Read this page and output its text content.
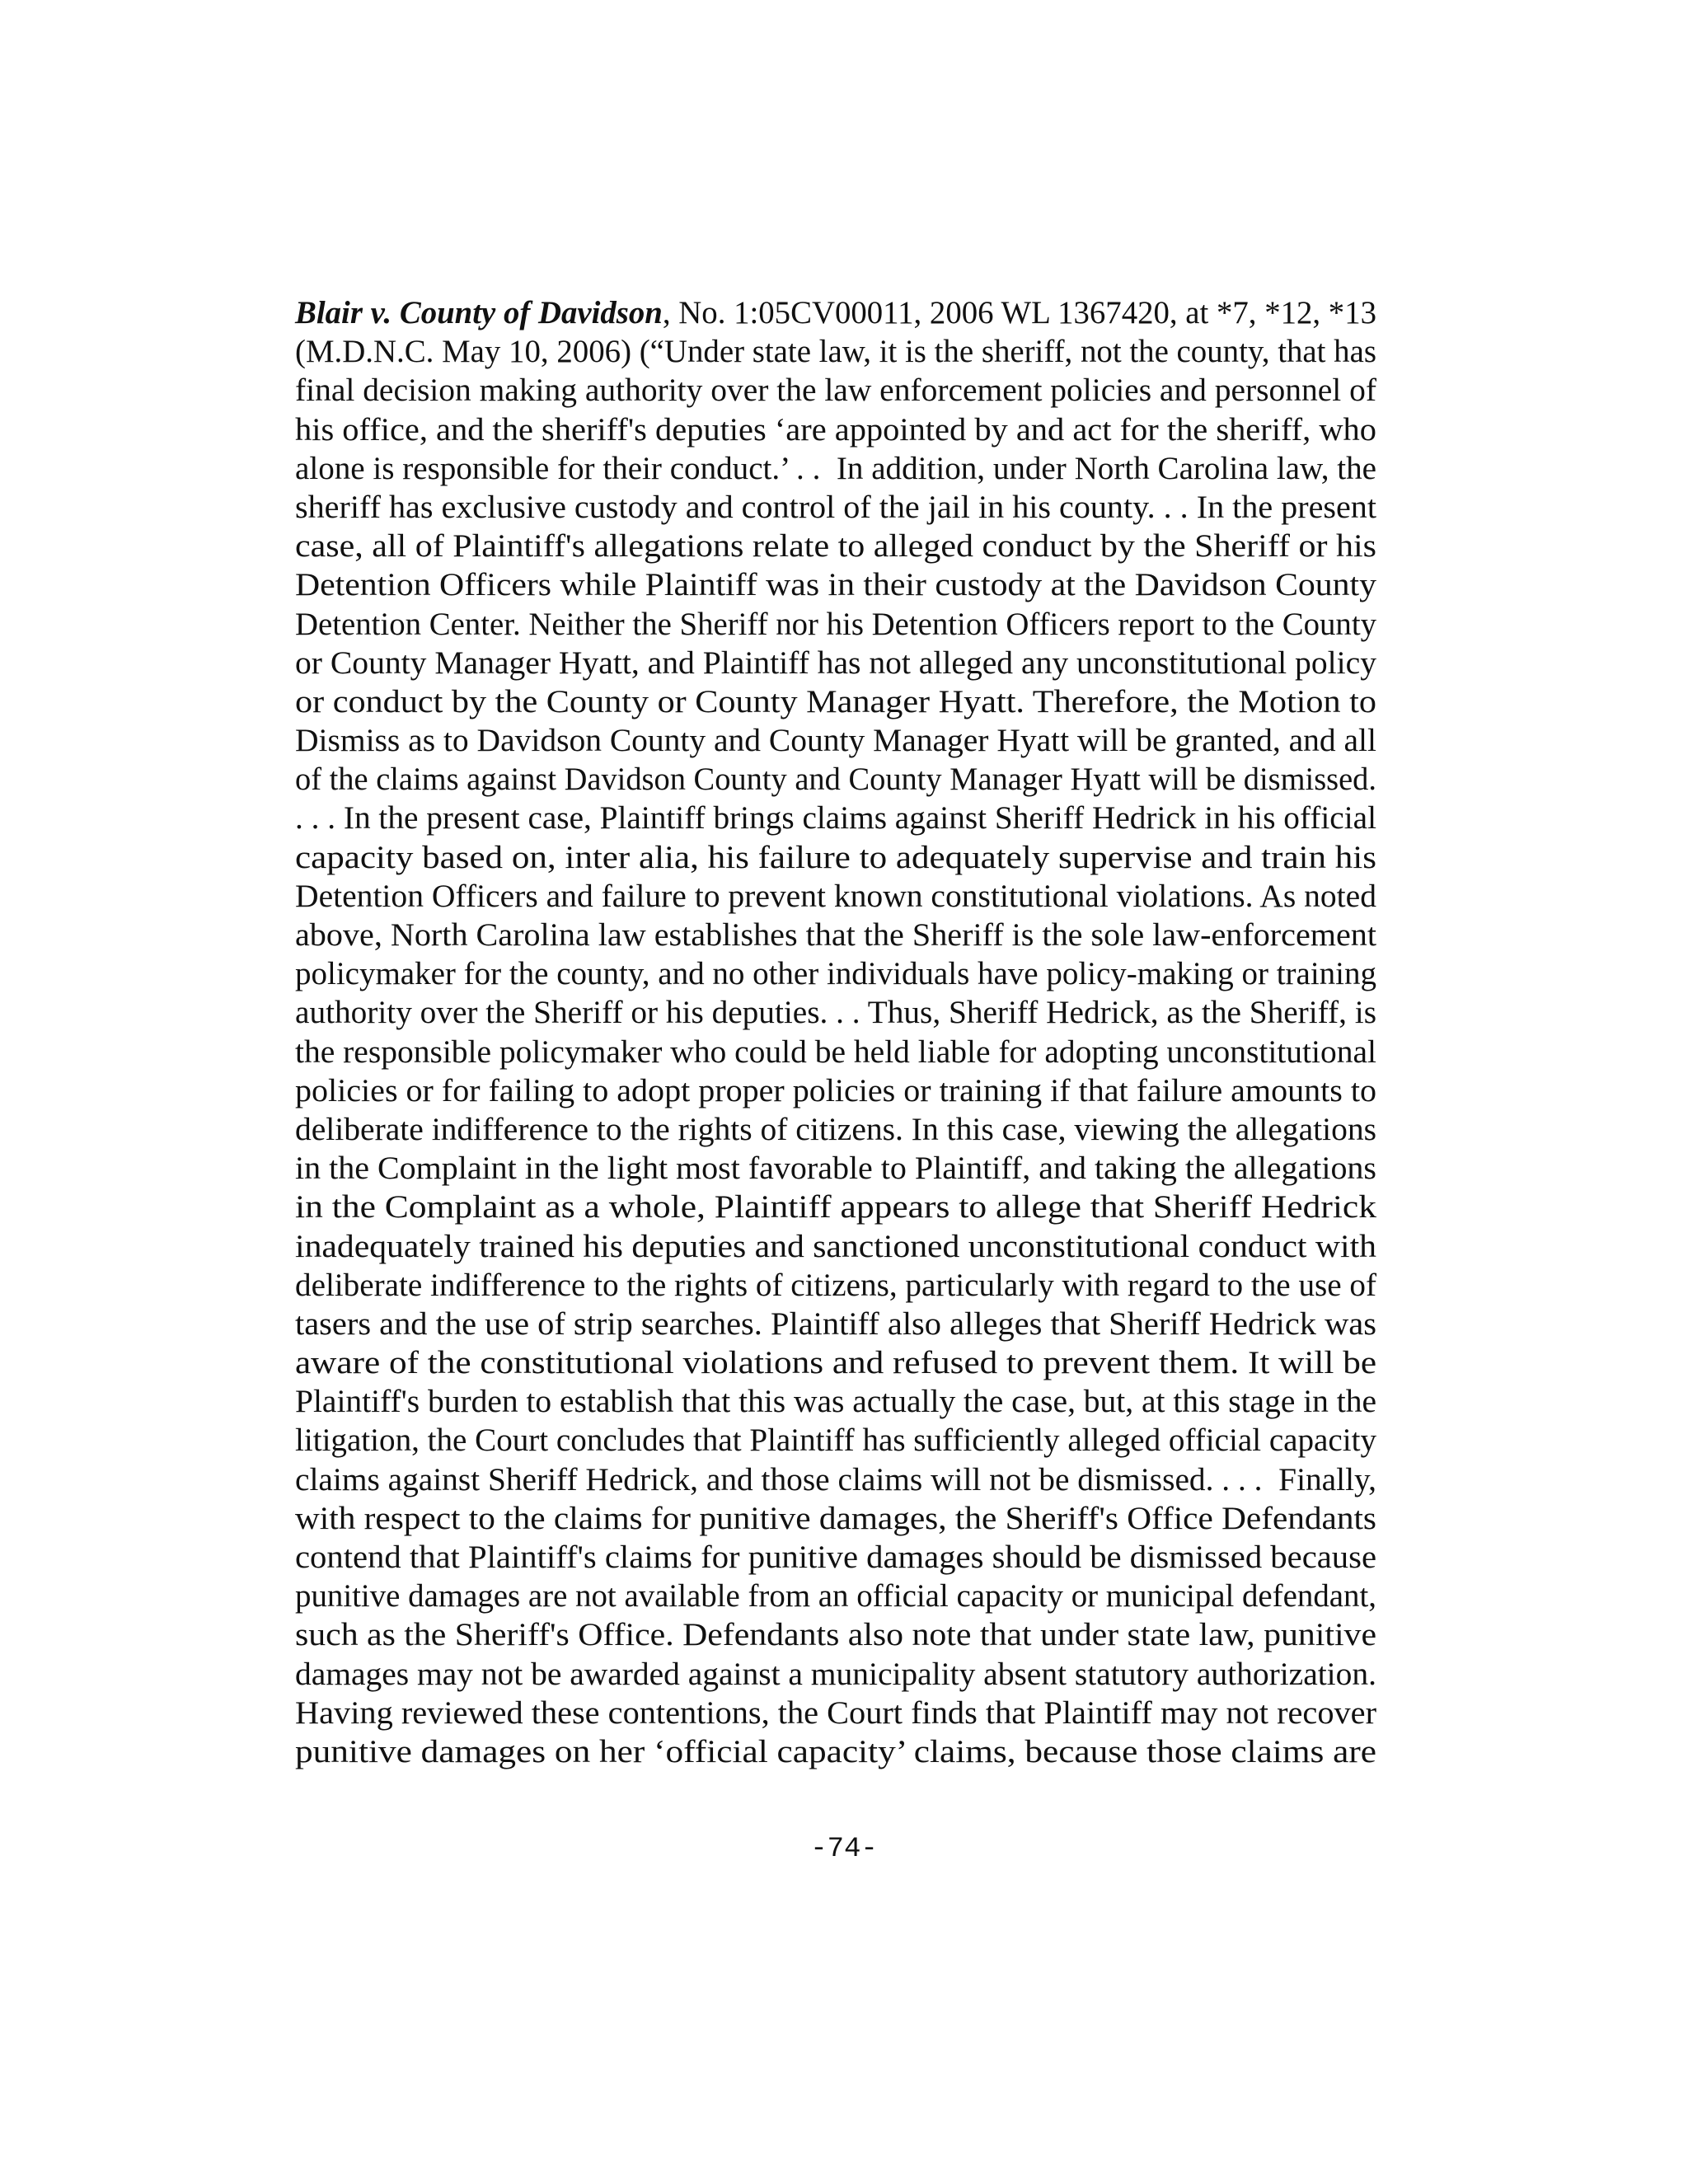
Blair v. County of Davidson, No. 1:05CV00011, 2006 WL 1367420, at *7, *12, *13
(M.D.N.C. May 10, 2006) (“Under state law, it is the sheriff, not the county, that has
final decision making authority over the law enforcement policies and personnel of
his office, and the sheriff's deputies ‘are appointed by and act for the sheriff, who
alone is responsible for their conduct.’ . .  In addition, under North Carolina law, the
sheriff has exclusive custody and control of the jail in his county. . . In the present
case, all of Plaintiff's allegations relate to alleged conduct by the Sheriff or his
Detention Officers while Plaintiff was in their custody at the Davidson County
Detention Center. Neither the Sheriff nor his Detention Officers report to the County
or County Manager Hyatt, and Plaintiff has not alleged any unconstitutional policy
or conduct by the County or County Manager Hyatt. Therefore, the Motion to
Dismiss as to Davidson County and County Manager Hyatt will be granted, and all
of the claims against Davidson County and County Manager Hyatt will be dismissed.
. . . In the present case, Plaintiff brings claims against Sheriff Hedrick in his official
capacity based on, inter alia, his failure to adequately supervise and train his
Detention Officers and failure to prevent known constitutional violations. As noted
above, North Carolina law establishes that the Sheriff is the sole law-enforcement
policymaker for the county, and no other individuals have policy-making or training
authority over the Sheriff or his deputies. . . Thus, Sheriff Hedrick, as the Sheriff, is
the responsible policymaker who could be held liable for adopting unconstitutional
policies or for failing to adopt proper policies or training if that failure amounts to
deliberate indifference to the rights of citizens. In this case, viewing the allegations
in the Complaint in the light most favorable to Plaintiff, and taking the allegations
in the Complaint as a whole, Plaintiff appears to allege that Sheriff Hedrick
inadequately trained his deputies and sanctioned unconstitutional conduct with
deliberate indifference to the rights of citizens, particularly with regard to the use of
tasers and the use of strip searches. Plaintiff also alleges that Sheriff Hedrick was
aware of the constitutional violations and refused to prevent them. It will be
Plaintiff's burden to establish that this was actually the case, but, at this stage in the
litigation, the Court concludes that Plaintiff has sufficiently alleged official capacity
claims against Sheriff Hedrick, and those claims will not be dismissed. . . .  Finally,
with respect to the claims for punitive damages, the Sheriff's Office Defendants
contend that Plaintiff's claims for punitive damages should be dismissed because
punitive damages are not available from an official capacity or municipal defendant,
such as the Sheriff's Office. Defendants also note that under state law, punitive
damages may not be awarded against a municipality absent statutory authorization.
Having reviewed these contentions, the Court finds that Plaintiff may not recover
punitive damages on her ‘official capacity’ claims, because those claims are
-74-
